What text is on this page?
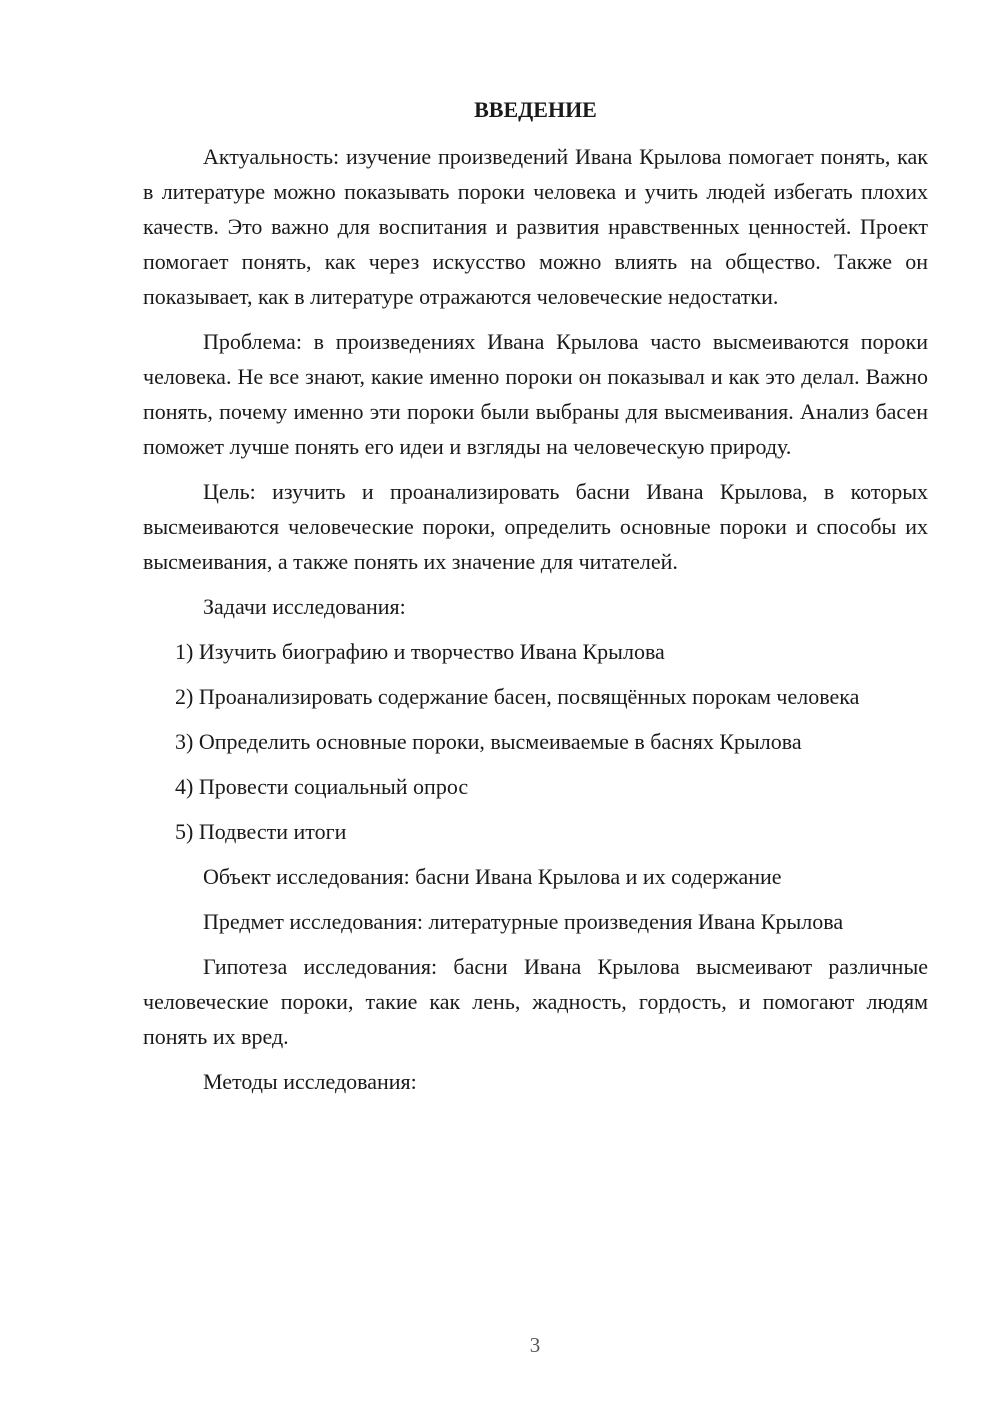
ВВЕДЕНИЕ

Актуальность: изучение произведений Ивана Крылова помогает понять, как в литературе можно показывать пороки человека и учить людей избегать плохих качеств. Это важно для воспитания и развития нравственных ценностей. Проект помогает понять, как через искусство можно влиять на общество. Также он показывает, как в литературе отражаются человеческие недостатки.

Проблема: в произведениях Ивана Крылова часто высмеиваются пороки человека. Не все знают, какие именно пороки он показывал и как это делал. Важно понять, почему именно эти пороки были выбраны для высмеивания. Анализ басен поможет лучше понять его идеи и взгляды на человеческую природу.

Цель: изучить и проанализировать басни Ивана Крылова, в которых высмеиваются человеческие пороки, определить основные пороки и способы их высмеивания, а также понять их значение для читателей.

Задачи исследования:

1) Изучить биографию и творчество Ивана Крылова

2) Проанализировать содержание басен, посвящённых порокам человека

3) Определить основные пороки, высмеиваемые в баснях Крылова

4) Провести социальный опрос

5) Подвести итоги

Объект исследования: басни Ивана Крылова и их содержание

Предмет исследования: литературные произведения Ивана Крылова

Гипотеза исследования: басни Ивана Крылова высмеивают различные человеческие пороки, такие как лень, жадность, гордость, и помогают людям понять их вред.

Методы исследования:

3
